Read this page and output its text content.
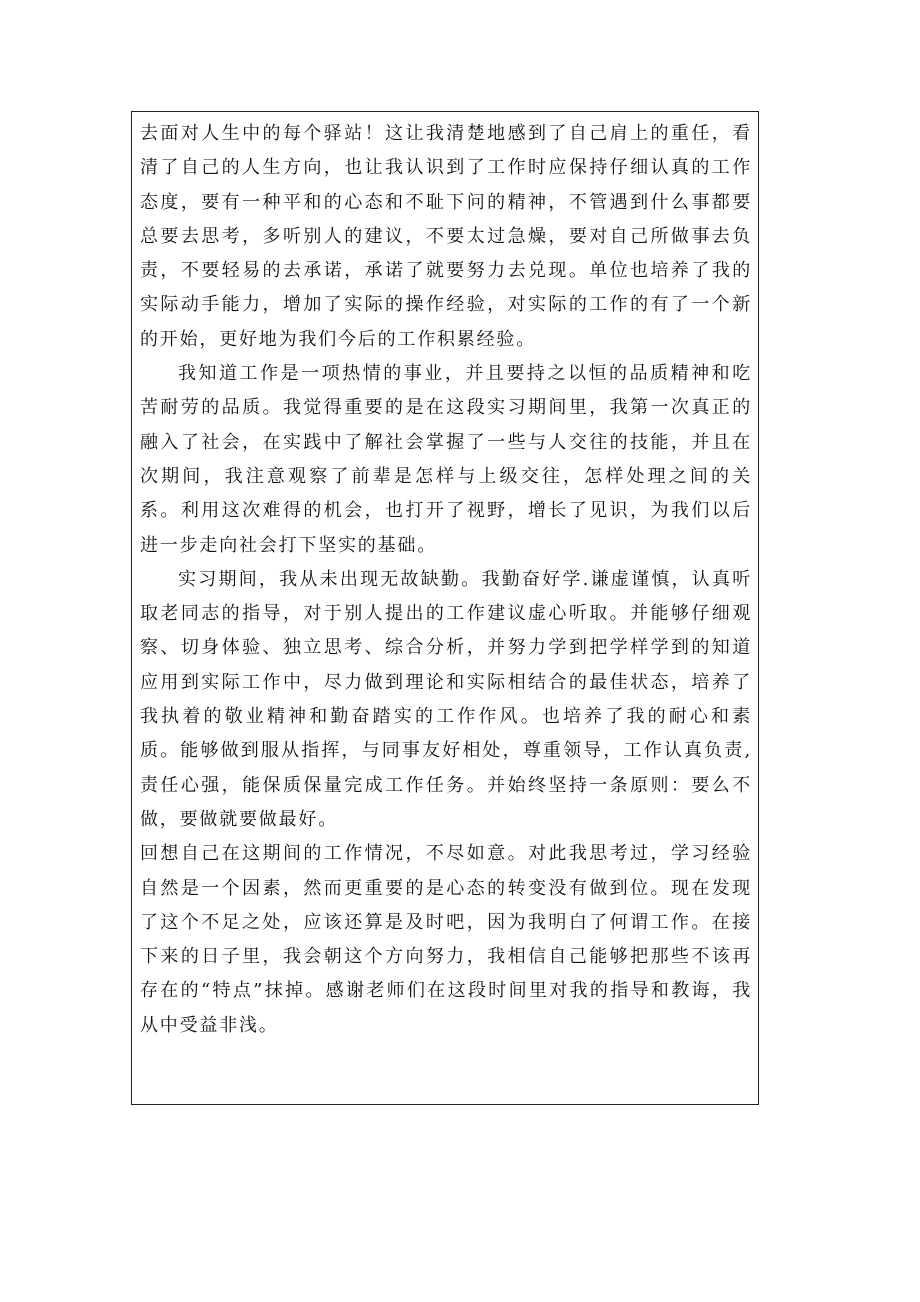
去面对人生中的每个驿站！这让我清楚地感到了自己肩上的重任，看清了自己的人生方向，也让我认识到了工作时应保持仔细认真的工作态度，要有一种平和的心态和不耻下问的精神，不管遇到什么事都要总要去思考，多听别人的建议，不要太过急燥，要对自己所做事去负责，不要轻易的去承诺，承诺了就要努力去兑现。单位也培养了我的实际动手能力，增加了实际的操作经验，对实际的工作的有了一个新的开始，更好地为我们今后的工作积累经验。

我知道工作是一项热情的事业，并且要持之以恒的品质精神和吃苦耐劳的品质。我觉得重要的是在这段实习期间里，我第一次真正的融入了社会，在实践中了解社会掌握了一些与人交往的技能，并且在次期间，我注意观察了前辈是怎样与上级交往，怎样处理之间的关系。利用这次难得的机会，也打开了视野，增长了见识，为我们以后进一步走向社会打下坚实的基础。

实习期间，我从未出现无故缺勤。我勤奋好学.谦虚谨慎，认真听取老同志的指导，对于别人提出的工作建议虚心听取。并能够仔细观察、切身体验、独立思考、综合分析，并努力学到把学样学到的知道应用到实际工作中，尽力做到理论和实际相结合的最佳状态，培养了我执着的敬业精神和勤奋踏实的工作作风。也培养了我的耐心和素质。能够做到服从指挥，与同事友好相处，尊重领导，工作认真负责,责任心强，能保质保量完成工作任务。并始终坚持一条原则：要么不做，要做就要做最好。

回想自己在这期间的工作情况，不尽如意。对此我思考过，学习经验自然是一个因素，然而更重要的是心态的转变没有做到位。现在发现了这个不足之处，应该还算是及时吧，因为我明白了何谓工作。在接下来的日子里，我会朝这个方向努力，我相信自己能够把那些不该再存在的“特点”抹掉。感谢老师们在这段时间里对我的指导和教诲，我从中受益非浅。
